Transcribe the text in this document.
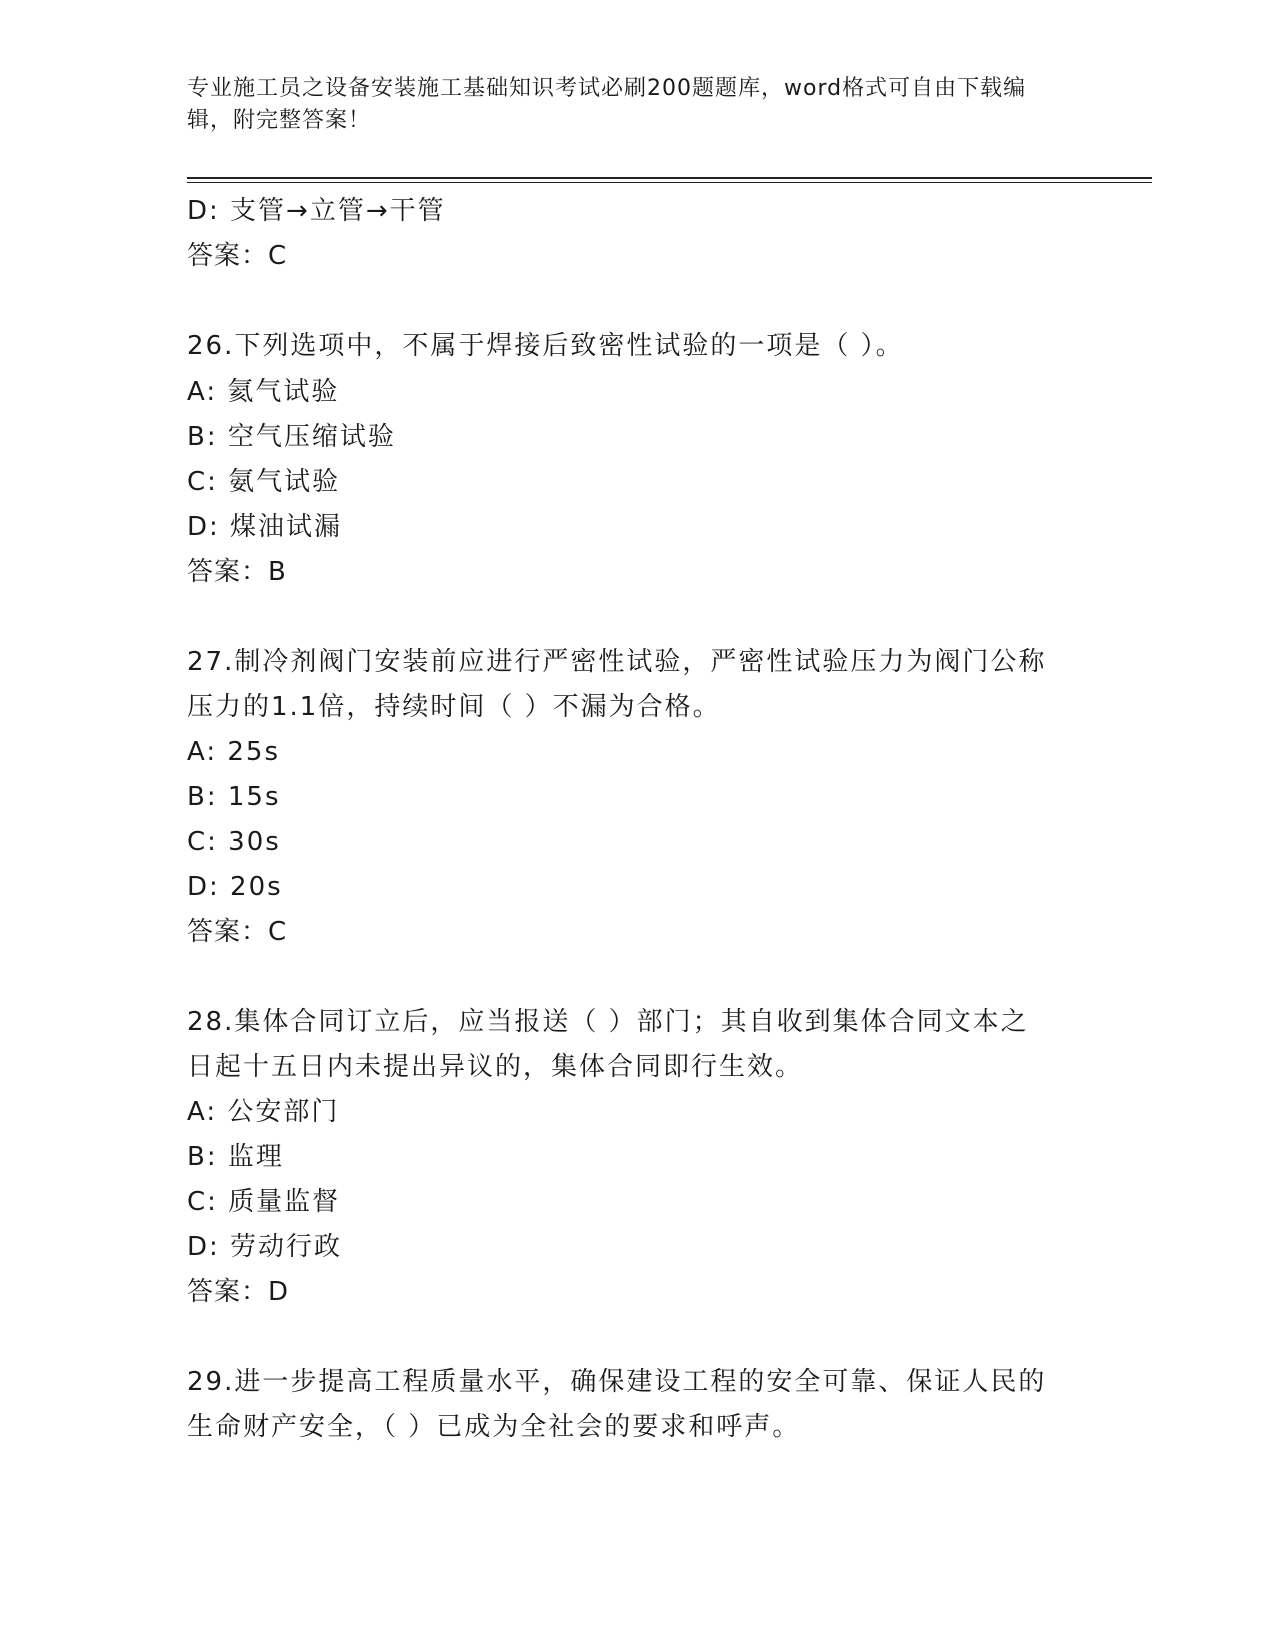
专业施工员之设备安装施工基础知识考试必刷200题题库，word格式可自由下载编辑，附完整答案！

D: 支管→立管→干管

答案：C

26.下列选项中，不属于焊接后致密性试验的一项是（ ）。

A: 氦气试验

B: 空气压缩试验

C: 氨气试验

D: 煤油试漏

答案：B

27.制冷剂阀门安装前应进行严密性试验，严密性试验压力为阀门公称

压力的1.1倍，持续时间（ ）不漏为合格。

A: 25s

B: 15s

C: 30s

D: 20s

答案：C

28.集体合同订立后，应当报送（ ）部门；其自收到集体合同文本之

日起十五日内未提出异议的，集体合同即行生效。

A: 公安部门

B: 监理

C: 质量监督

D: 劳动行政

答案：D

29.进一步提高工程质量水平，确保建设工程的安全可靠、保证人民的

生命财产安全，（ ）已成为全社会的要求和呼声。
